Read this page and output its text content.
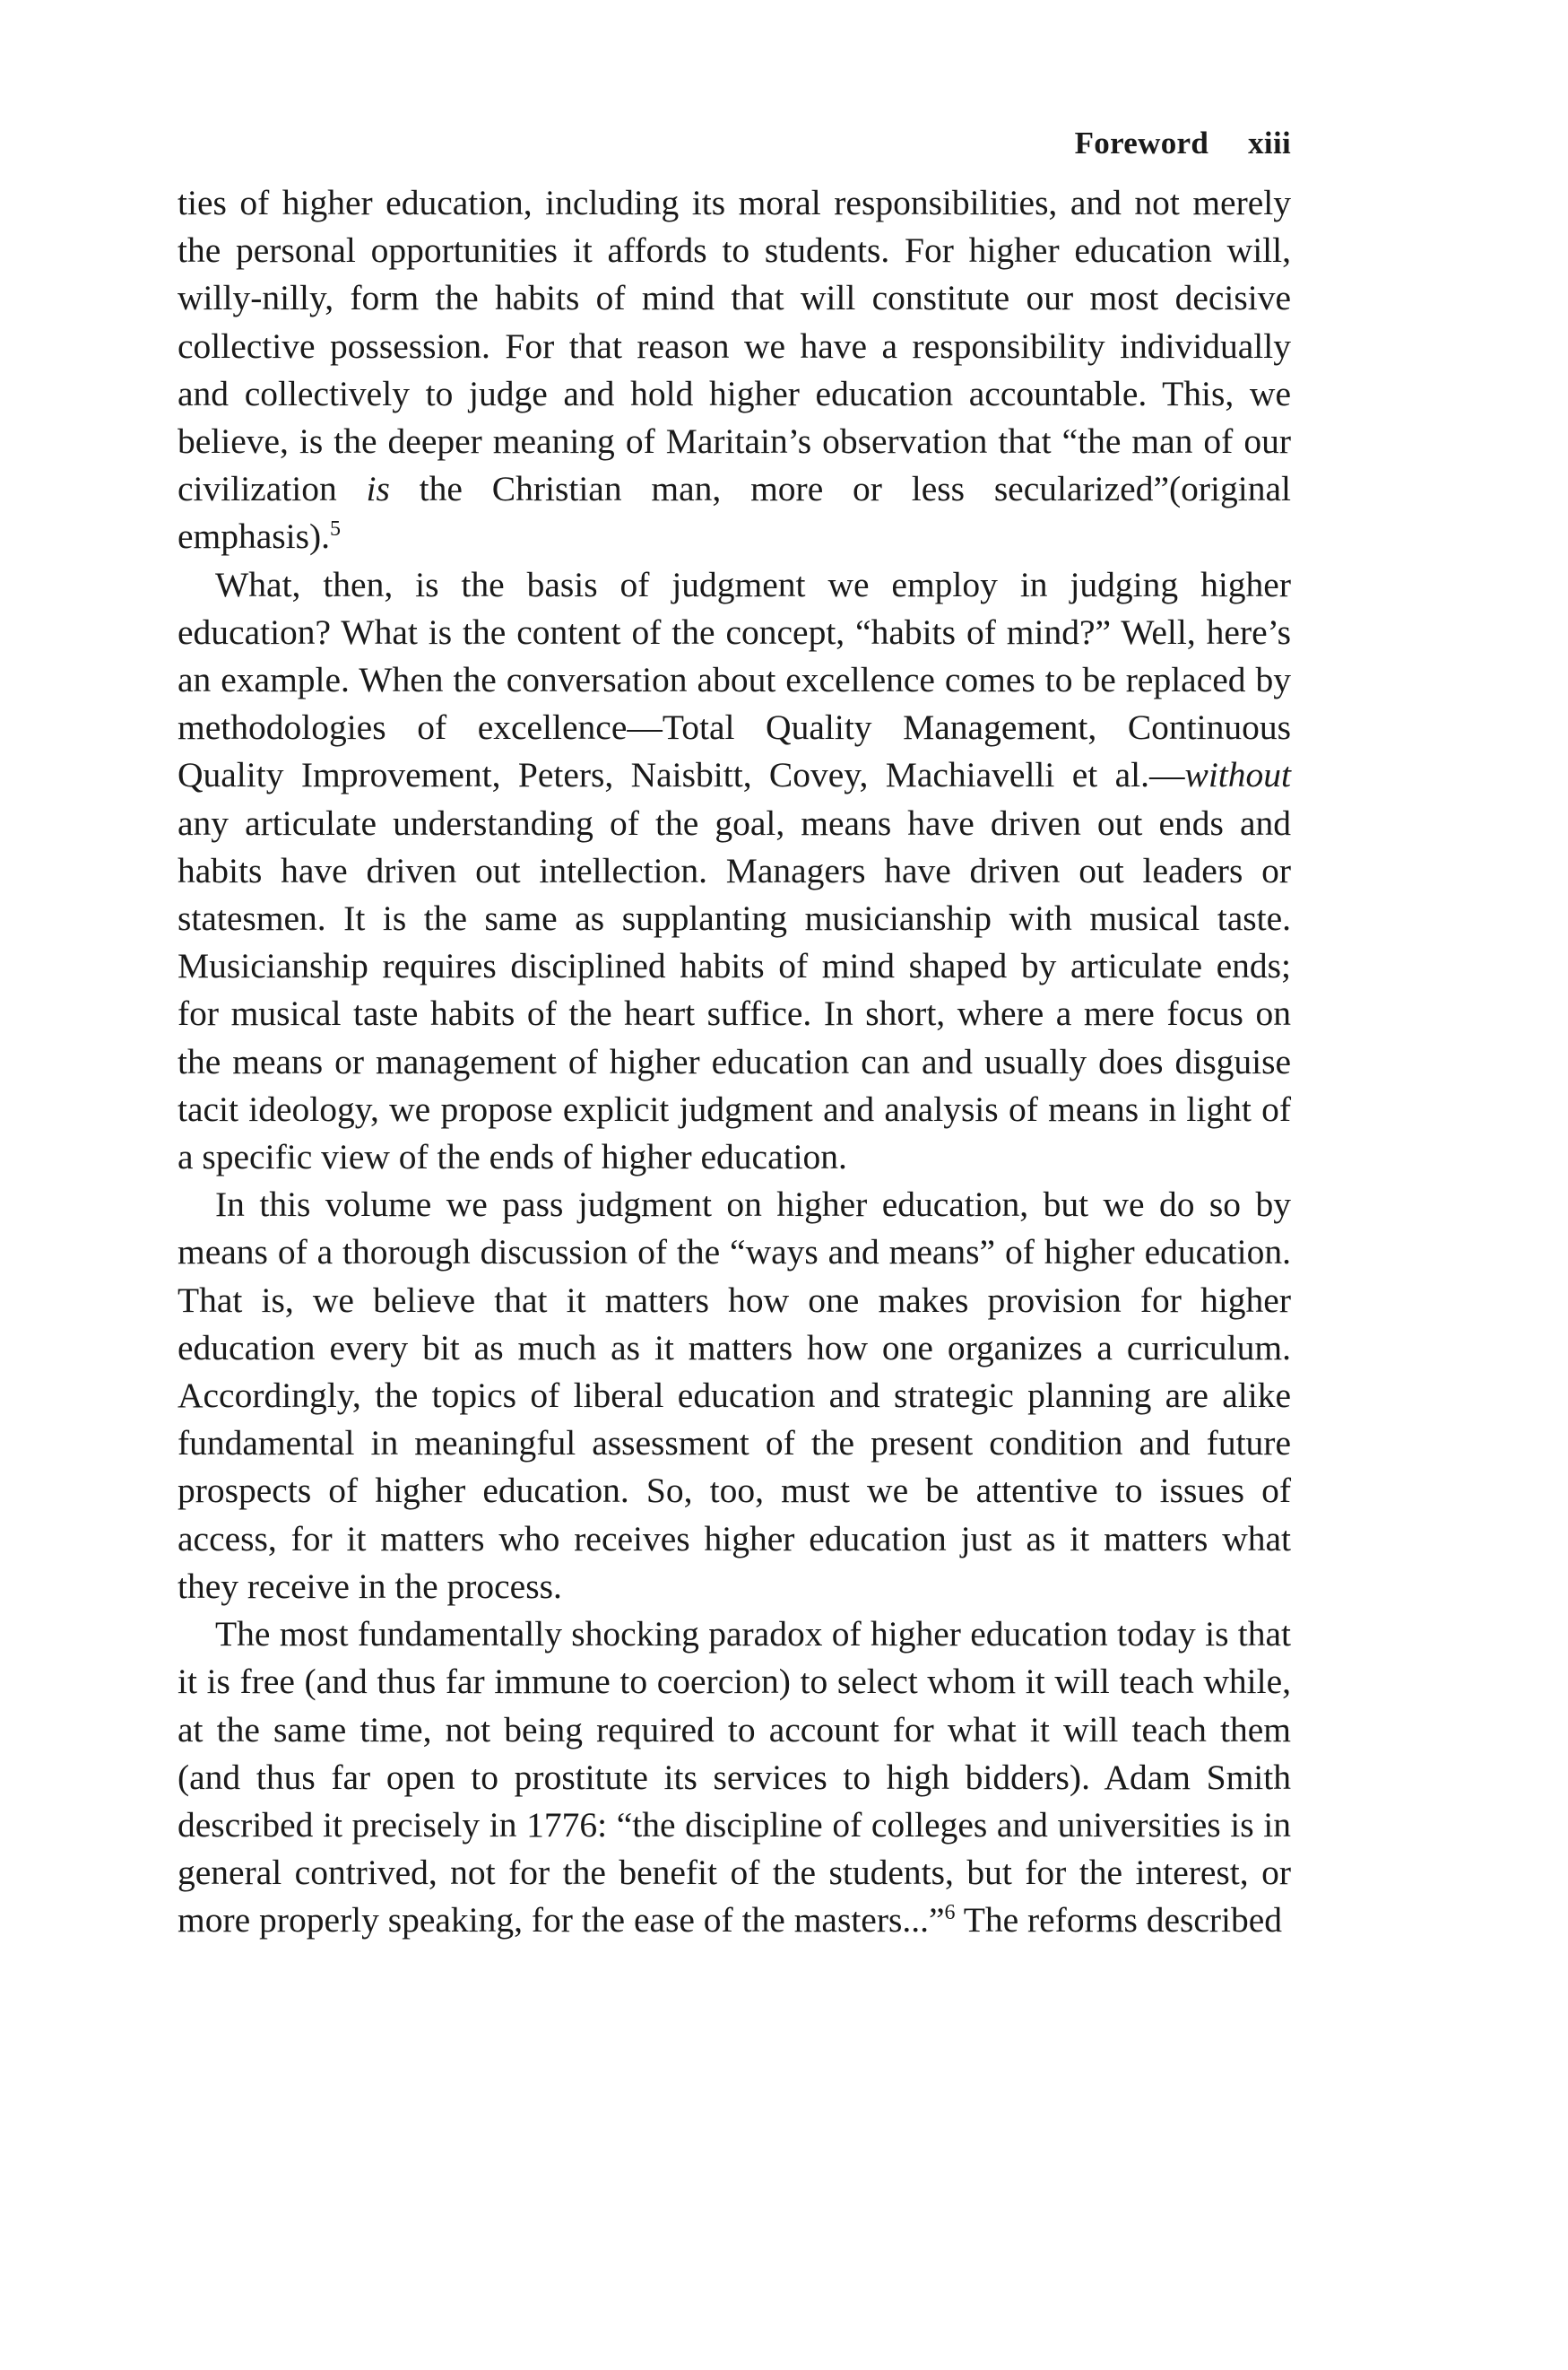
Foreword xiii

ties of higher education, including its moral responsibilities, and not merely the personal opportunities it affords to students. For higher education will, willy-nilly, form the habits of mind that will constitute our most decisive collective possession. For that reason we have a responsibility individually and collectively to judge and hold higher education accountable. This, we believe, is the deeper meaning of Maritain’s observation that “the man of our civilization is the Christian man, more or less secularized”(original emphasis).$^5$

What, then, is the basis of judgment we employ in judging higher education? What is the content of the concept, “habits of mind?” Well, here’s an example. When the conversation about excellence comes to be replaced by methodologies of excellence—Total Quality Management, Continuous Quality Improvement, Peters, Naisbitt, Covey, Machiavelli et al.—without any articulate understanding of the goal, means have driven out ends and habits have driven out intellection. Managers have driven out leaders or statesmen. It is the same as supplanting musicianship with musical taste. Musicianship requires disciplined habits of mind shaped by articulate ends; for musical taste habits of the heart suffice. In short, where a mere focus on the means or management of higher education can and usually does disguise tacit ideology, we propose explicit judgment and analysis of means in light of a specific view of the ends of higher education.

In this volume we pass judgment on higher education, but we do so by means of a thorough discussion of the “ways and means” of higher education. That is, we believe that it matters how one makes provision for higher education every bit as much as it matters how one organizes a curriculum. Accordingly, the topics of liberal education and strategic planning are alike fundamental in meaningful assessment of the present condition and future prospects of higher education. So, too, must we be attentive to issues of access, for it matters who receives higher education just as it matters what they receive in the process.

The most fundamentally shocking paradox of higher education today is that it is free (and thus far immune to coercion) to select whom it will teach while, at the same time, not being required to account for what it will teach them (and thus far open to prostitute its services to high bidders). Adam Smith described it precisely in 1776: “the discipline of colleges and universities is in general contrived, not for the benefit of the students, but for the interest, or more properly speaking, for the ease of the masters...”$^6$ The reforms described
